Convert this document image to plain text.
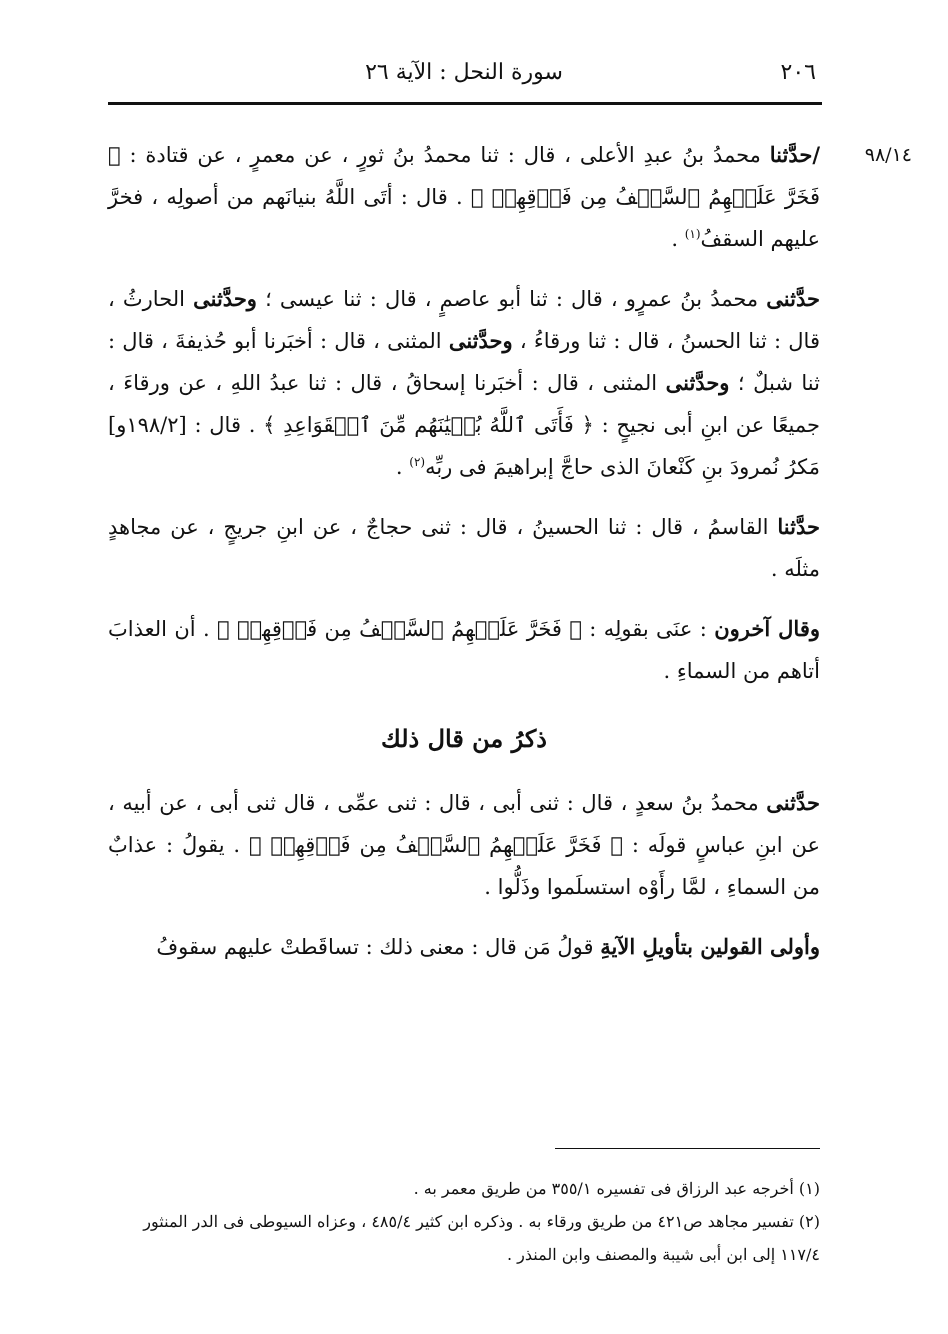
٢٠٦
سورة النحل : الآية ٢٦
٩٨/١٤

/حدَّثنا محمدُ بنُ عبدِ الأعلى ، قال : ثنا محمدُ بنُ ثورٍ ، عن معمرٍ ، عن قتادة : ﴿ فَخَرَّ عَلَيۡهِمُ ٱلسَّقۡفُ مِن فَوۡقِهِمۡ ﴾ . قال : أتَى اللَّهُ بنيانَهم من أصولِه ، فخرَّ عليهم السقفُ$^{(١)}$ .

حدَّثنى محمدُ بنُ عمرٍو ، قال : ثنا أبو عاصمٍ ، قال : ثنا عيسى ؛ وحدَّثنى الحارثُ ، قال : ثنا الحسنُ ، قال : ثنا ورقاءُ ، وحدَّثنى المثنى ، قال : أخبَرنا أبو حُذيفةَ ، قال : ثنا شبلٌ ؛ وحدَّثنى المثنى ، قال : أخبَرنا إسحاقُ ، قال : ثنا عبدُ اللهِ ، عن ورقاءَ ، جميعًا عن ابنِ أبى نجيحٍ : ﴿ فَأَتَى ٱللَّهُ بُنۡيَٰنَهُم مِّنَ ٱلۡقَوَاعِدِ ﴾ . قال : [١٩٨/٢و] مَكرُ نُمرودَ بنِ كَنْعانَ الذى حاجَّ إبراهيمَ فى ربِّه$^{(٢)}$ .

حدَّثنا القاسمُ ، قال : ثنا الحسينُ ، قال : ثنى حجاجٌ ، عن ابنِ جريجٍ ، عن مجاهدٍ مثلَه .

وقال آخرون : عنَى بقولِه : ﴿ فَخَرَّ عَلَيۡهِمُ ٱلسَّقۡفُ مِن فَوۡقِهِمۡ ﴾ . أن العذابَ أتاهم من السماءِ .

ذكرُ من قال ذلك

حدَّثنى محمدُ بنُ سعدٍ ، قال : ثنى أبى ، قال : ثنى عمِّى ، قال ثنى أبى ، عن أبيه ، عن ابنِ عباسٍ قولَه : ﴿ فَخَرَّ عَلَيۡهِمُ ٱلسَّقۡفُ مِن فَوۡقِهِمۡ ﴾ . يقولُ : عذابٌ من السماءِ ، لمَّا رأَوْه استسلَموا وذَلُّوا .

وأولى القولين بتأويلِ الآيةِ قولُ مَن قال : معنى ذلك : تساقَطتْ عليهم سقوفُ

(١) أخرجه عبد الرزاق فى تفسيره ٣٥٥/١ من طريق معمر به .

(٢) تفسير مجاهد ص٤٢١ من طريق ورقاء به . وذكره ابن كثير ٤٨٥/٤ ، وعزاه السيوطى فى الدر المنثور ١١٧/٤ إلى ابن أبى شيبة والمصنف وابن المنذر .
